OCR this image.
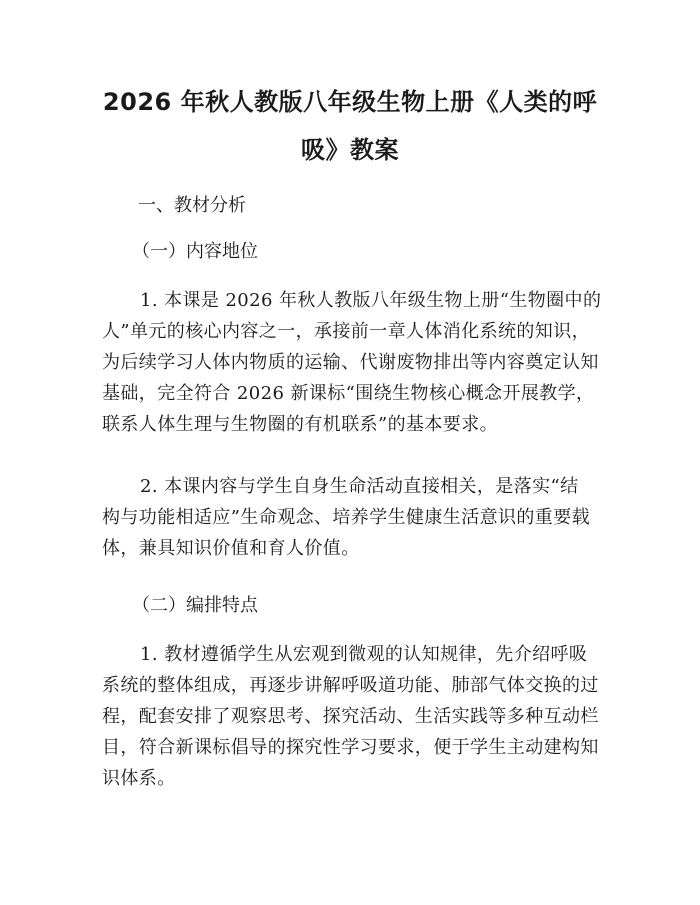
2026 年秋人教版八年级生物上册《人类的呼
吸》教案

一、教材分析

（一）内容地位

1. 本课是 2026 年秋人教版八年级生物上册“生物圈中的
人”单元的核心内容之一，承接前一章人体消化系统的知识，
为后续学习人体内物质的运输、代谢废物排出等内容奠定认知
基础，完全符合 2026 新课标“围绕生物核心概念开展教学，
联系人体生理与生物圈的有机联系”的基本要求。
2. 本课内容与学生自身生命活动直接相关，是落实“结
构与功能相适应”生命观念、培养学生健康生活意识的重要载
体，兼具知识价值和育人价值。

（二）编排特点

1. 教材遵循学生从宏观到微观的认知规律，先介绍呼吸
系统的整体组成，再逐步讲解呼吸道功能、肺部气体交换的过
程，配套安排了观察思考、探究活动、生活实践等多种互动栏
目，符合新课标倡导的探究性学习要求，便于学生主动建构知
识体系。
